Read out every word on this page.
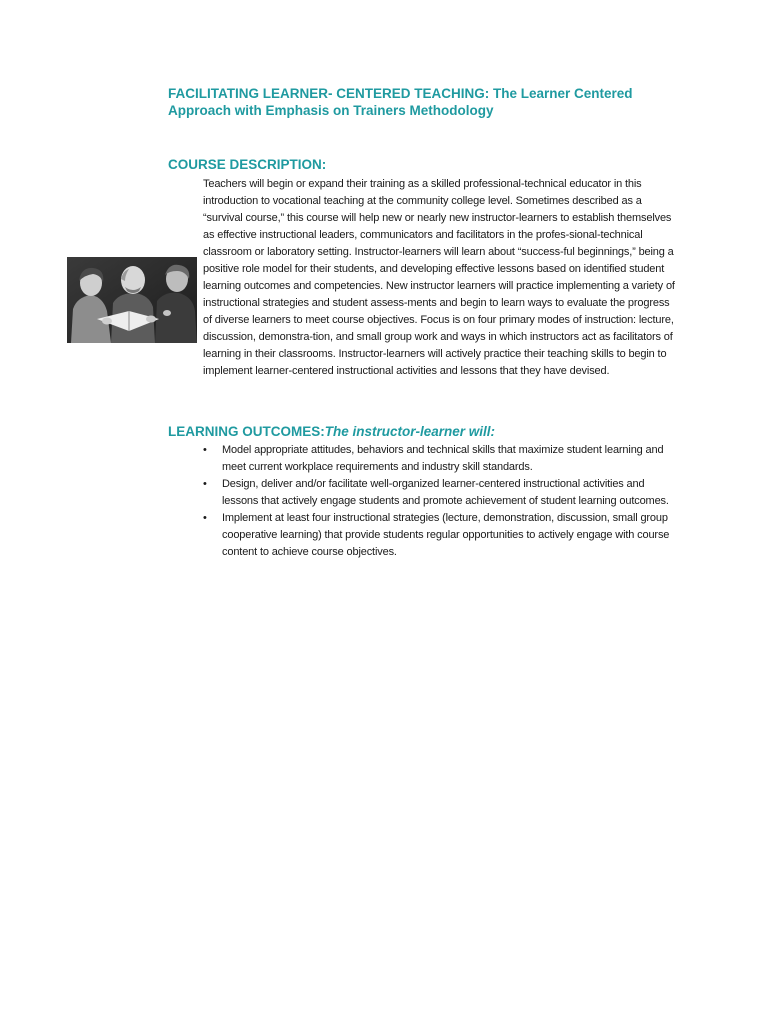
FACILITATING LEARNER- CENTERED TEACHING: The Learner Centered Approach with Emphasis on Trainers Methodology
COURSE DESCRIPTION:

Teachers will begin or expand their training as a skilled professional-technical educator in this introduction to vocational teaching at the community college level. Sometimes described as a “survival course,” this course will help new or nearly new instructor-learners to establish themselves as effective instructional leaders, communicators and facilitators in the profes-sional-technical classroom or laboratory setting. Instructor-learners will learn about “success-ful beginnings,” being a positive role model for their students, and developing effective lessons based on identified student learning outcomes and competencies. New instructor learners will practice implementing a variety of instructional strategies and student assess-ments and begin to learn ways to evaluate the progress of diverse learners to meet course objectives. Focus is on four primary modes of instruction: lecture, discussion, demonstra-tion, and small group work and ways in which instructors act as facilitators of learning in their classrooms. Instructor-learners will actively practice their teaching skills to begin to implement learner-centered instructional activities and lessons that they have devised.

LEARNING OUTCOMES:The instructor-learner will:
•	Model appropriate attitudes, behaviors and technical skills that maximize student learning and meet current workplace requirements and industry skill standards.
•	Design, deliver and/or facilitate well-organized learner-centered instructional activities and lessons that actively engage students and promote achievement of student learning outcomes.
•	Implement at least four instructional strategies (lecture, demonstration, discussion, small group cooperative learning) that provide students regular opportunities to actively engage with course content to achieve course objectives.
